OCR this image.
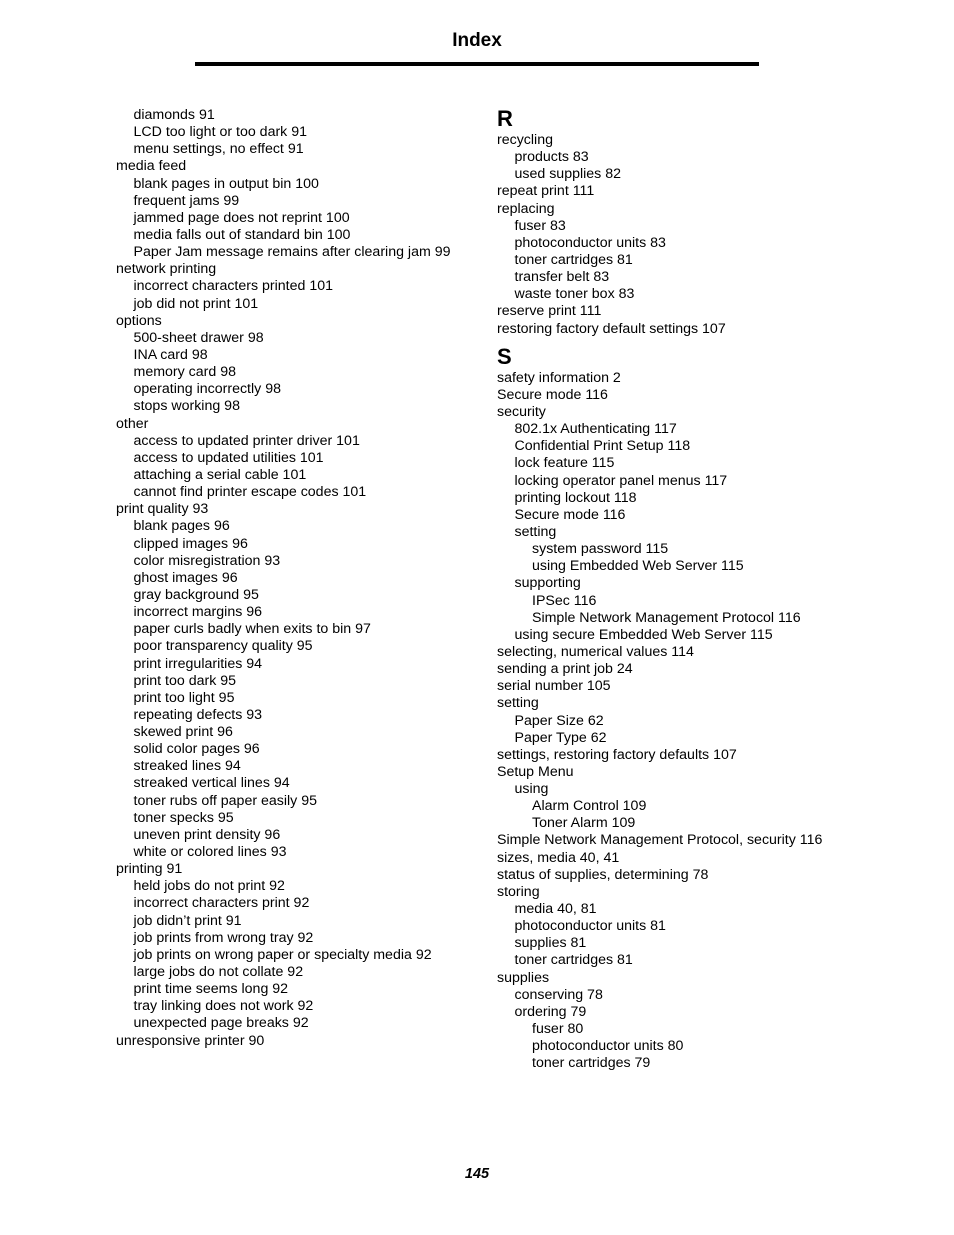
Index
diamonds 91
LCD too light or too dark 91
menu settings, no effect 91
media feed
blank pages in output bin 100
frequent jams 99
jammed page does not reprint 100
media falls out of standard bin 100
Paper Jam message remains after clearing jam 99
network printing
incorrect characters printed 101
job did not print 101
options
500-sheet drawer 98
INA card 98
memory card 98
operating incorrectly 98
stops working 98
other
access to updated printer driver 101
access to updated utilities 101
attaching a serial cable 101
cannot find printer escape codes 101
print quality 93
blank pages 96
clipped images 96
color misregistration 93
ghost images 96
gray background 95
incorrect margins 96
paper curls badly when exits to bin 97
poor transparency quality 95
print irregularities 94
print too dark 95
print too light 95
repeating defects 93
skewed print 96
solid color pages 96
streaked lines 94
streaked vertical lines 94
toner rubs off paper easily 95
toner specks 95
uneven print density 96
white or colored lines 93
printing 91
held jobs do not print 92
incorrect characters print 92
job didn’t print 91
job prints from wrong tray 92
job prints on wrong paper or specialty media 92
large jobs do not collate 92
print time seems long 92
tray linking does not work 92
unexpected page breaks 92
unresponsive printer 90
R
recycling
products 83
used supplies 82
repeat print 111
replacing
fuser 83
photoconductor units 83
toner cartridges 81
transfer belt 83
waste toner box 83
reserve print 111
restoring factory default settings 107
S
safety information 2
Secure mode 116
security
802.1x Authenticating 117
Confidential Print Setup 118
lock feature 115
locking operator panel menus 117
printing lockout 118
Secure mode 116
setting
system password 115
using Embedded Web Server 115
supporting
IPSec 116
Simple Network Management Protocol 116
using secure Embedded Web Server 115
selecting, numerical values 114
sending a print job 24
serial number 105
setting
Paper Size 62
Paper Type 62
settings, restoring factory defaults 107
Setup Menu
using
Alarm Control 109
Toner Alarm 109
Simple Network Management Protocol, security 116
sizes, media 40, 41
status of supplies, determining 78
storing
media 40, 81
photoconductor units 81
supplies 81
toner cartridges 81
supplies
conserving 78
ordering 79
fuser 80
photoconductor units 80
toner cartridges 79
145
